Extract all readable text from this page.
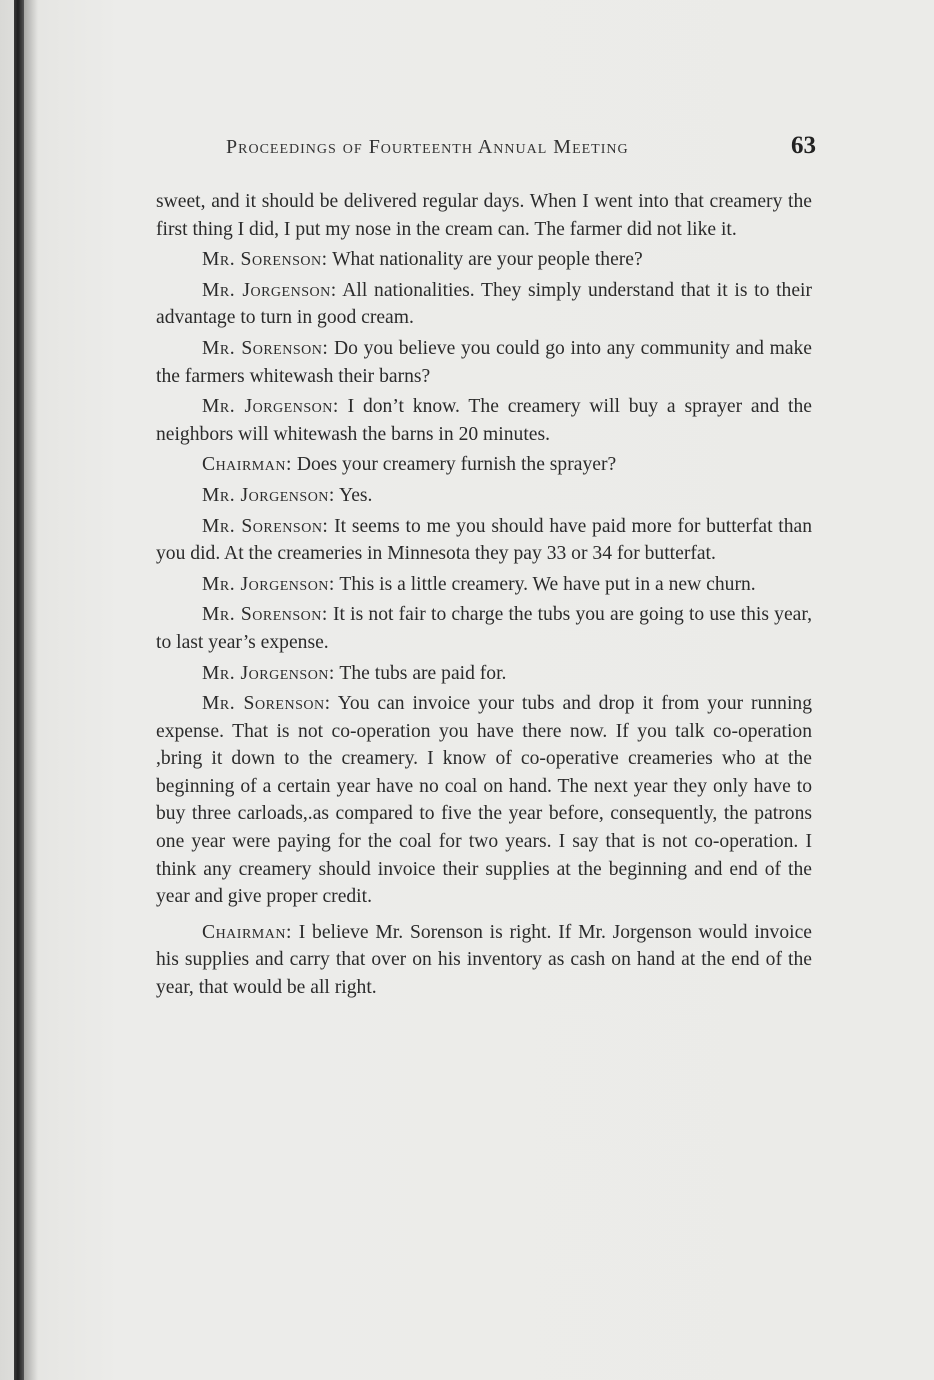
Proceedings of Fourteenth Annual Meeting	63

sweet, and it should be delivered regular days. When I went into that creamery the first thing I did, I put my nose in the cream can. The farmer did not like it.

Mr. Sorenson: What nationality are your people there?

Mr. Jorgenson: All nationalities. They simply understand that it is to their advantage to turn in good cream.

Mr. Sorenson: Do you believe you could go into any community and make the farmers whitewash their barns?

Mr. Jorgenson: I don’t know. The creamery will buy a sprayer and the neighbors will whitewash the barns in 20 minutes.

Chairman: Does your creamery furnish the sprayer?

Mr. Jorgenson: Yes.

Mr. Sorenson: It seems to me you should have paid more for butterfat than you did. At the creameries in Minnesota they pay 33 or 34 for butterfat.

Mr. Jorgenson: This is a little creamery. We have put in a new churn.

Mr. Sorenson: It is not fair to charge the tubs you are going to use this year, to last year’s expense.

Mr. Jorgenson: The tubs are paid for.

Mr. Sorenson: You can invoice your tubs and drop it from your running expense. That is not co-operation you have there now. If you talk co-operation ,bring it down to the creamery. I know of co-operative creameries who at the beginning of a certain year have no coal on hand. The next year they only have to buy three carloads,.as compared to five the year before, consequently, the patrons one year were paying for the coal for two years. I say that is not co-operation. I think any creamery should invoice their supplies at the beginning and end of the year and give proper credit.

Chairman: I believe Mr. Sorenson is right. If Mr. Jorgenson would invoice his supplies and carry that over on his inventory as cash on hand at the end of the year, that would be all right.
